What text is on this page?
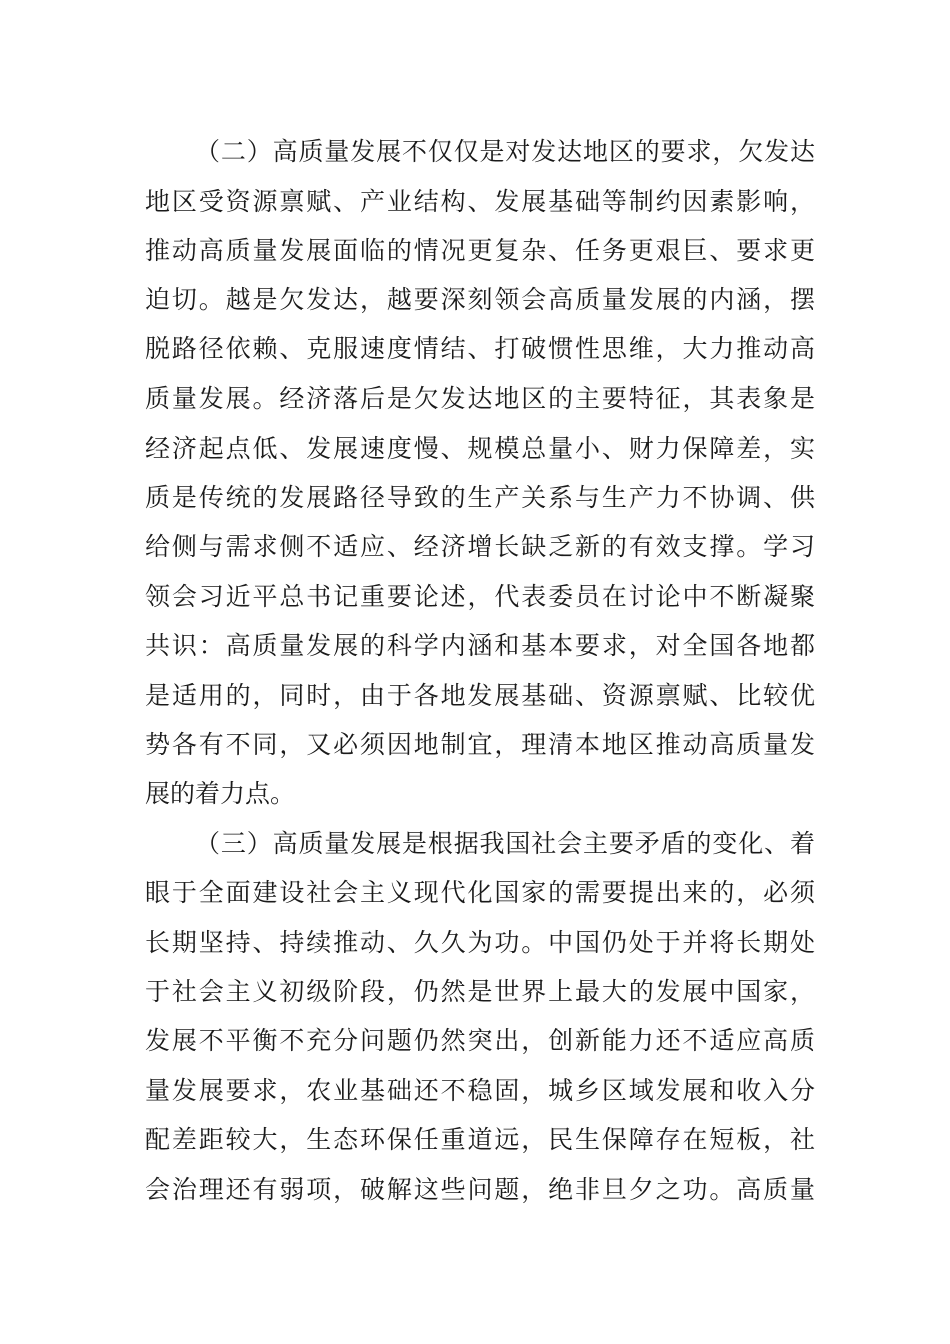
（二）高质量发展不仅仅是对发达地区的要求，欠发达
地区受资源禀赋、产业结构、发展基础等制约因素影响，
推动高质量发展面临的情况更复杂、任务更艰巨、要求更
迫切。越是欠发达，越要深刻领会高质量发展的内涵，摆
脱路径依赖、克服速度情结、打破惯性思维，大力推动高
质量发展。经济落后是欠发达地区的主要特征，其表象是
经济起点低、发展速度慢、规模总量小、财力保障差，实
质是传统的发展路径导致的生产关系与生产力不协调、供
给侧与需求侧不适应、经济增长缺乏新的有效支撑。学习
领会习近平总书记重要论述，代表委员在讨论中不断凝聚
共识：高质量发展的科学内涵和基本要求，对全国各地都
是适用的，同时，由于各地发展基础、资源禀赋、比较优
势各有不同，又必须因地制宜，理清本地区推动高质量发
展的着力点。
（三）高质量发展是根据我国社会主要矛盾的变化、着
眼于全面建设社会主义现代化国家的需要提出来的，必须
长期坚持、持续推动、久久为功。中国仍处于并将长期处
于社会主义初级阶段，仍然是世界上最大的发展中国家，
发展不平衡不充分问题仍然突出，创新能力还不适应高质
量发展要求，农业基础还不稳固，城乡区域发展和收入分
配差距较大，生态环保任重道远，民生保障存在短板，社
会治理还有弱项，破解这些问题，绝非旦夕之功。高质量
